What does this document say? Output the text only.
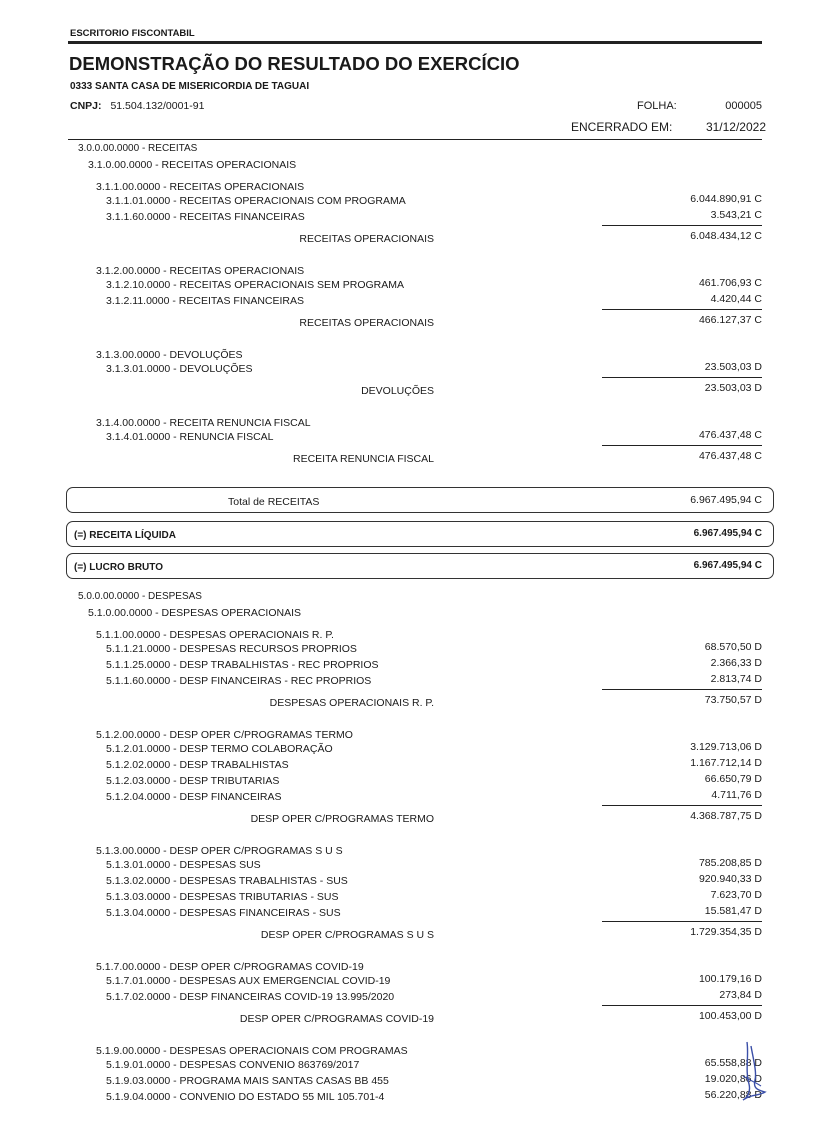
ESCRITORIO FISCONTABIL
DEMONSTRAÇÃO DO RESULTADO DO EXERCÍCIO
0333 SANTA CASA DE MISERICORDIA DE TAGUAI
CNPJ: 51.504.132/0001-91	FOLHA:	000005
ENCERRADO EM:	31/12/2022
3.0.0.00.0000 - RECEITAS
3.1.0.00.0000 - RECEITAS OPERACIONAIS
3.1.1.00.0000 - RECEITAS OPERACIONAIS
3.1.1.01.0000 - RECEITAS OPERACIONAIS COM PROGRAMA	6.044.890,91 C
3.1.1.60.0000 - RECEITAS FINANCEIRAS	3.543,21 C
RECEITAS OPERACIONAIS	6.048.434,12 C
3.1.2.00.0000 - RECEITAS OPERACIONAIS
3.1.2.10.0000 - RECEITAS OPERACIONAIS SEM PROGRAMA	461.706,93 C
3.1.2.11.0000 - RECEITAS FINANCEIRAS	4.420,44 C
RECEITAS OPERACIONAIS	466.127,37 C
3.1.3.00.0000 - DEVOLUÇÕES
3.1.3.01.0000 - DEVOLUÇÕES	23.503,03 D
DEVOLUÇÕES	23.503,03 D
3.1.4.00.0000 - RECEITA RENUNCIA FISCAL
3.1.4.01.0000 - RENUNCIA FISCAL	476.437,48 C
RECEITA RENUNCIA FISCAL	476.437,48 C
Total de RECEITAS	6.967.495,94 C
(=) RECEITA LÍQUIDA	6.967.495,94 C
(=) LUCRO BRUTO	6.967.495,94 C
5.0.0.00.0000 - DESPESAS
5.1.0.00.0000 - DESPESAS OPERACIONAIS
5.1.1.00.0000 - DESPESAS OPERACIONAIS R. P.
5.1.1.21.0000 - DESPESAS RECURSOS PROPRIOS	68.570,50 D
5.1.1.25.0000 - DESP TRABALHISTAS - REC PROPRIOS	2.366,33 D
5.1.1.60.0000 - DESP FINANCEIRAS - REC PROPRIOS	2.813,74 D
DESPESAS OPERACIONAIS R. P.	73.750,57 D
5.1.2.00.0000 - DESP OPER C/PROGRAMAS TERMO
5.1.2.01.0000 - DESP TERMO COLABORAÇÃO	3.129.713,06 D
5.1.2.02.0000 - DESP TRABALHISTAS	1.167.712,14 D
5.1.2.03.0000 - DESP TRIBUTARIAS	66.650,79 D
5.1.2.04.0000 - DESP FINANCEIRAS	4.711,76 D
DESP OPER C/PROGRAMAS TERMO	4.368.787,75 D
5.1.3.00.0000 - DESP OPER C/PROGRAMAS S U S
5.1.3.01.0000 - DESPESAS SUS	785.208,85 D
5.1.3.02.0000 - DESPESAS TRABALHISTAS - SUS	920.940,33 D
5.1.3.03.0000 - DESPESAS TRIBUTARIAS - SUS	7.623,70 D
5.1.3.04.0000 - DESPESAS FINANCEIRAS - SUS	15.581,47 D
DESP OPER C/PROGRAMAS S U S	1.729.354,35 D
5.1.7.00.0000 - DESP OPER C/PROGRAMAS COVID-19
5.1.7.01.0000 - DESPESAS AUX EMERGENCIAL COVID-19	100.179,16 D
5.1.7.02.0000 - DESP FINANCEIRAS COVID-19 13.995/2020	273,84 D
DESP OPER C/PROGRAMAS COVID-19	100.453,00 D
5.1.9.00.0000 - DESPESAS OPERACIONAIS COM PROGRAMAS
5.1.9.01.0000 - DESPESAS CONVENIO 863769/2017	65.558,88 D
5.1.9.03.0000 - PROGRAMA MAIS SANTAS CASAS BB 455	19.020,86 D
5.1.9.04.0000 - CONVENIO DO ESTADO 55 MIL 105.701-4	56.220,88 D
